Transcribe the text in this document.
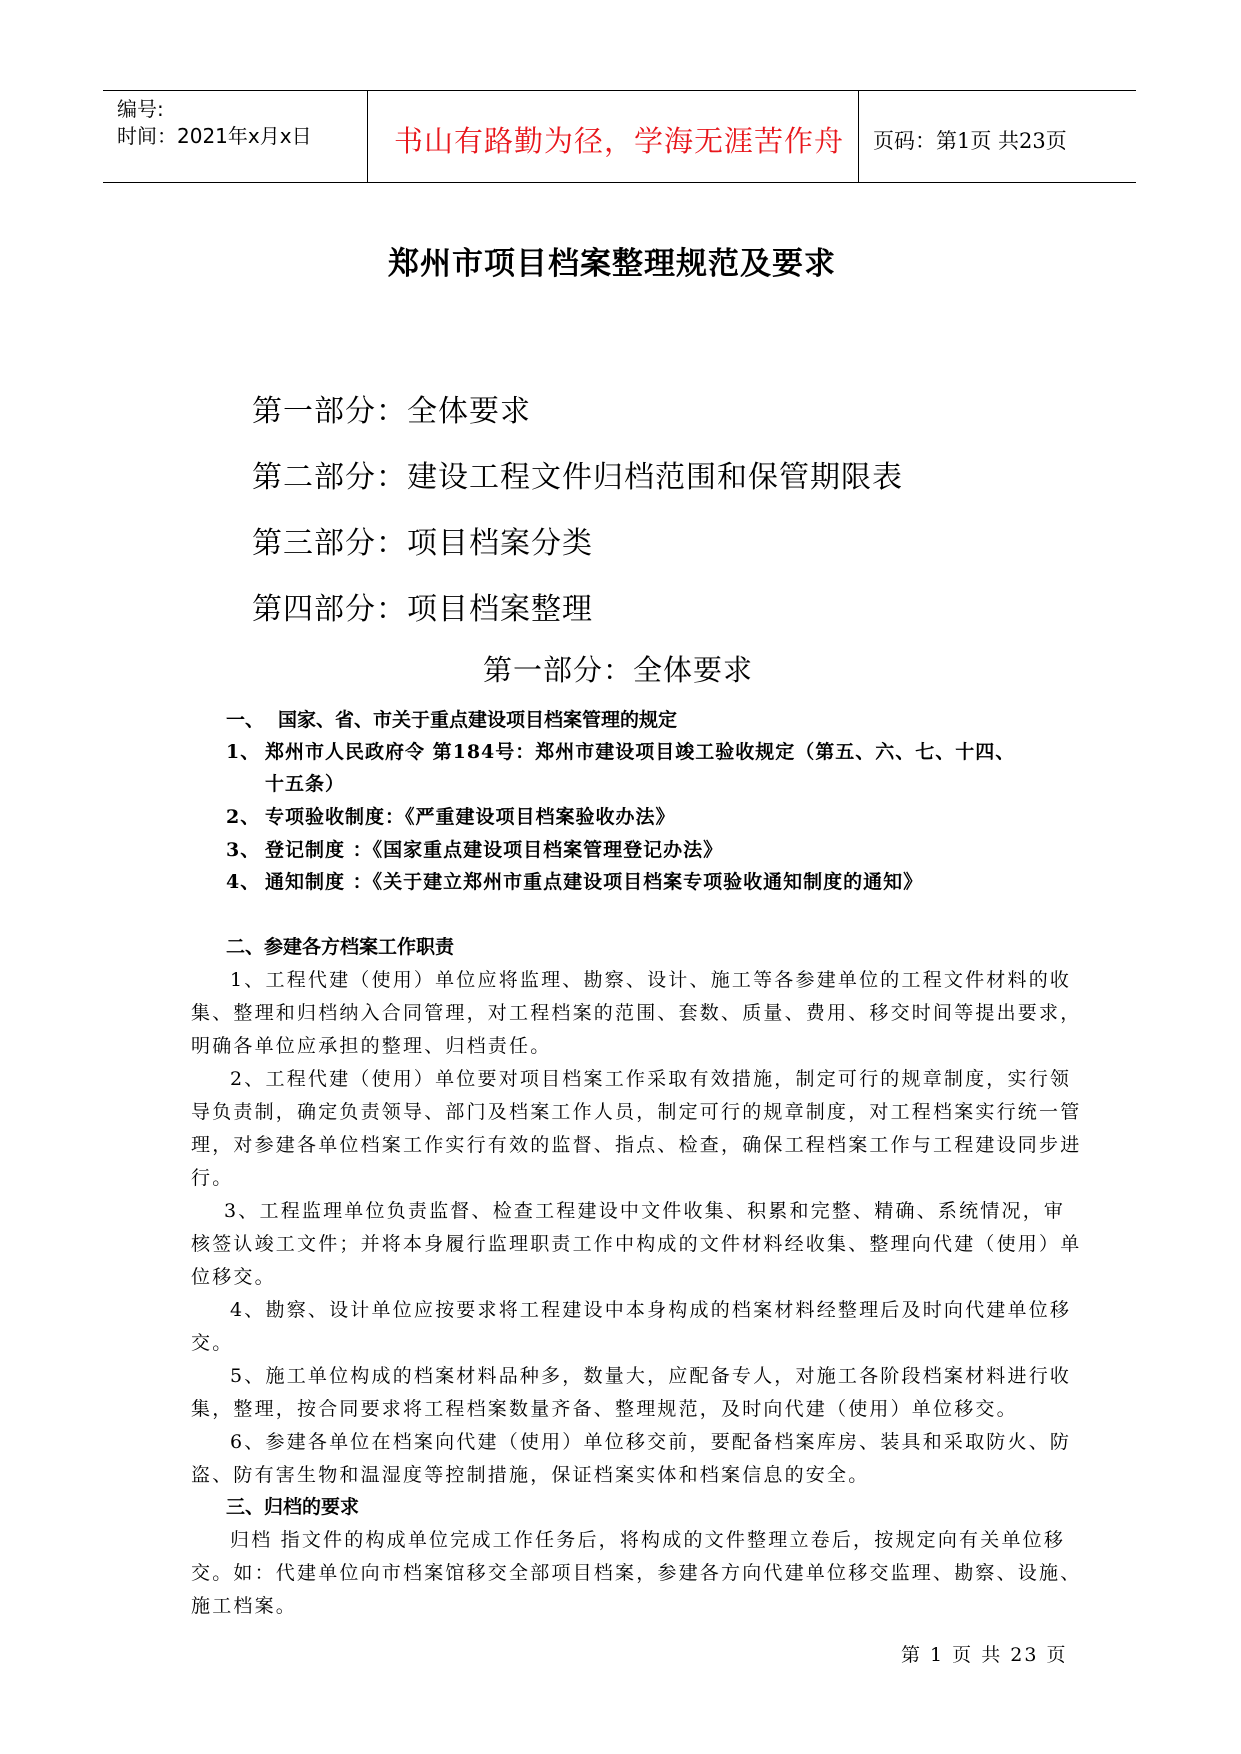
编号:
时间：2021年x月x日	书山有路勤为径，学海无涯苦作舟 页码：第1页 共23页
郑州市项目档案整理规范及要求
第一部分：全体要求
第二部分：建设工程文件归档范围和保管期限表
第三部分：项目档案分类
第四部分：项目档案整理
第一部分：全体要求
一、 国家、省、市关于重点建设项目档案管理的规定
1、 郑州市人民政府令 第184号：郑州市建设项目竣工验收规定（第五、六、七、十四、
十五条）
2、 专项验收制度：《严重建设项目档案验收办法》
3、 登记制度 ：《国家重点建设项目档案管理登记办法》
4、 通知制度 ：《关于建立郑州市重点建设项目档案专项验收通知制度的通知》
二、参建各方档案工作职责
1、工程代建（使用）单位应将监理、勘察、设计、施工等各参建单位的工程文件材料的收
集、整理和归档纳入合同管理，对工程档案的范围、套数、质量、费用、移交时间等提出要求，
明确各单位应承担的整理、归档责任。
2、工程代建（使用）单位要对项目档案工作采取有效措施，制定可行的规章制度，实行领
导负责制，确定负责领导、部门及档案工作人员，制定可行的规章制度，对工程档案实行统一管
理，对参建各单位档案工作实行有效的监督、指点、检查，确保工程档案工作与工程建设同步进
行。
3、工程监理单位负责监督、检查工程建设中文件收集、积累和完整、精确、系统情况，审
核签认竣工文件；并将本身履行监理职责工作中构成的文件材料经收集、整理向代建（使用）单
位移交。
4、勘察、设计单位应按要求将工程建设中本身构成的档案材料经整理后及时向代建单位移
交。
5、施工单位构成的档案材料品种多，数量大，应配备专人，对施工各阶段档案材料进行收
集，整理，按合同要求将工程档案数量齐备、整理规范，及时向代建（使用）单位移交。
6、参建各单位在档案向代建（使用）单位移交前，要配备档案库房、装具和采取防火、防
盗、防有害生物和温湿度等控制措施，保证档案实体和档案信息的安全。
三、归档的要求
归档 指文件的构成单位完成工作任务后，将构成的文件整理立卷后，按规定向有关单位移
交。如：代建单位向市档案馆移交全部项目档案，参建各方向代建单位移交监理、勘察、设施、
施工档案。
第 1 页 共 23 页
